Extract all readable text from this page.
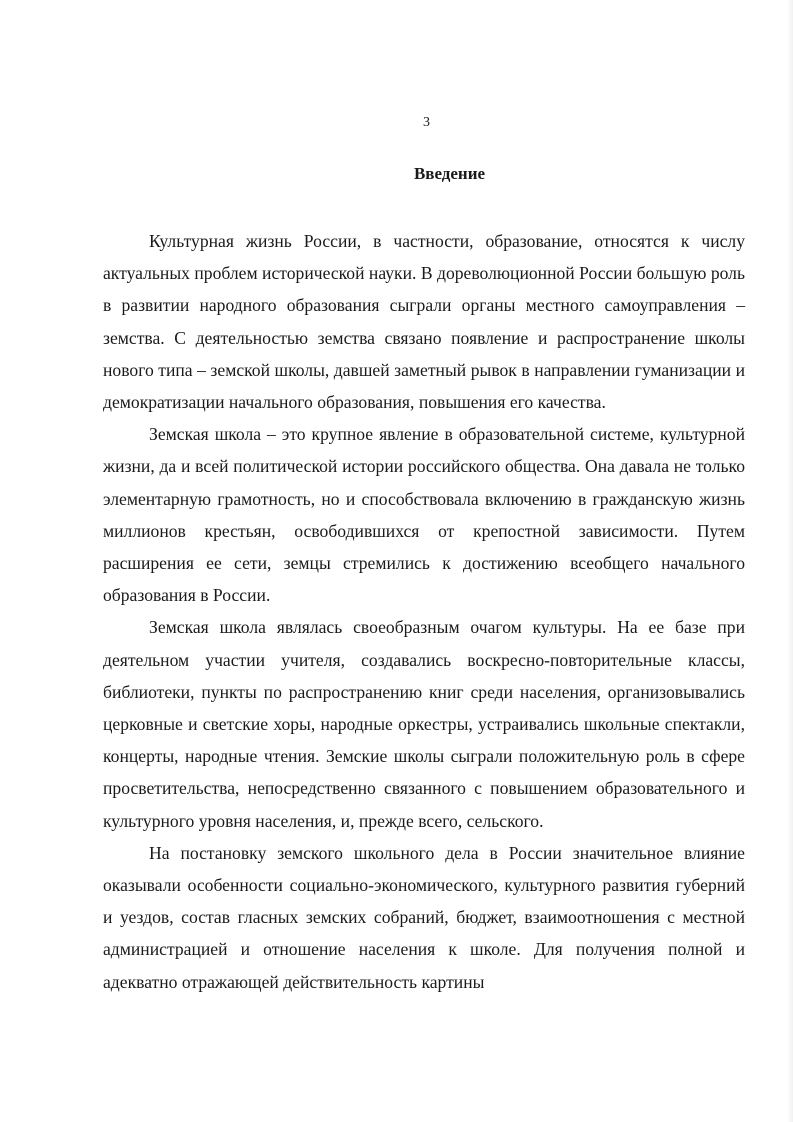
3
Введение

Культурная жизнь России, в частности, образование, относятся к числу актуальных проблем исторической науки. В дореволюционной России большую роль в развитии народного образования сыграли органы местного самоуправления – земства. С деятельностью земства связано появление и распространение школы нового типа – земской школы, давшей заметный рывок в направлении гуманизации и демократизации начального образования, повышения его качества.

Земская школа – это крупное явление в образовательной системе, культурной жизни, да и всей политической истории российского общества. Она давала не только элементарную грамотность, но и способствовала включению в гражданскую жизнь миллионов крестьян, освободившихся от крепостной зависимости. Путем расширения ее сети, земцы стремились к достижению всеобщего начального образования в России.

Земская школа являлась своеобразным очагом культуры. На ее базе при деятельном участии учителя, создавались воскресно-повторительные классы, библиотеки, пункты по распространению книг среди населения, организовывались церковные и светские хоры, народные оркестры, устраивались школьные спектакли, концерты, народные чтения. Земские школы сыграли положительную роль в сфере просветительства, непосредственно связанного с повышением образовательного и культурного уровня населения, и, прежде всего, сельского.

На постановку земского школьного дела в России значительное влияние оказывали особенности социально-экономического, культурного развития губерний и уездов, состав гласных земских собраний, бюджет, взаимоотношения с местной администрацией и отношение населения к школе. Для получения полной и адекватно отражающей действительность картины
